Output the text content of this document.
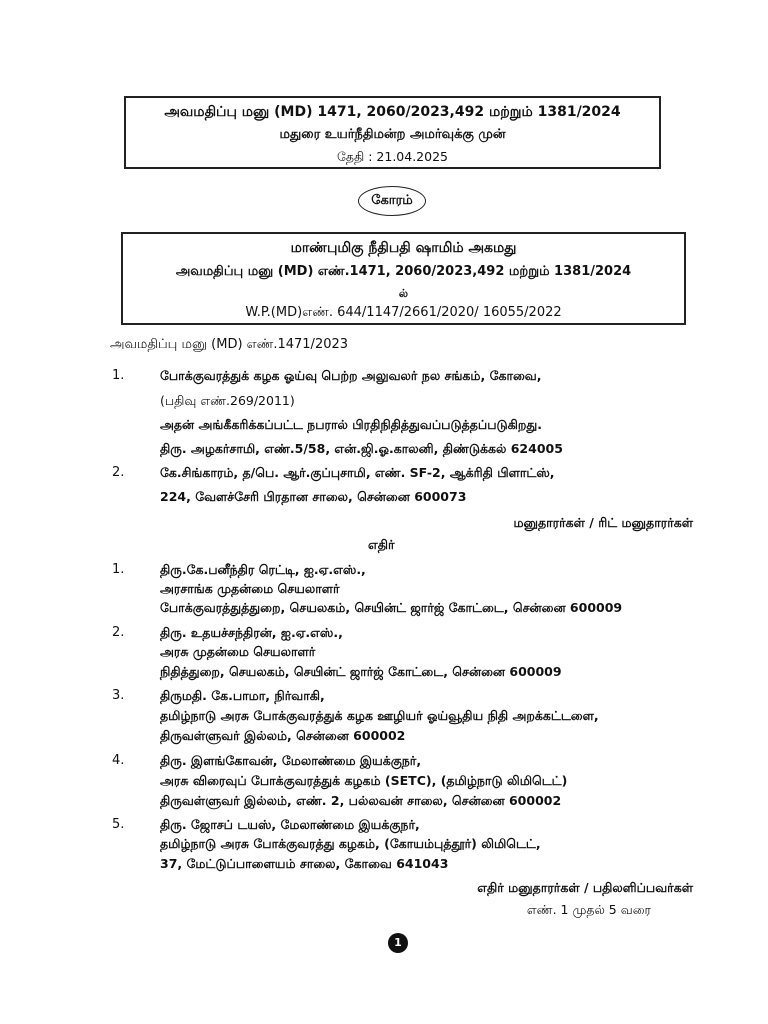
அவமதிப்பு மனு (MD) 1471, 2060/2023,492 மற்றும் 1381/2024
மதுரை உயர்நீதிமன்ற அமர்வுக்கு முன்
தேதி : 21.04.2025
கோரம்
மாண்புமிகு நீதிபதி ஷாமிம் அகமது
அவமதிப்பு மனு (MD) எண்.1471, 2060/2023,492 மற்றும் 1381/2024
ல்
W.P.(MD)எண். 644/1147/2661/2020/ 16055/2022
அவமதிப்பு மனு (MD) எண்.1471/2023
1.	போக்குவரத்துக் கழக ஓய்வு பெற்ற அலுவலர் நல சங்கம், கோவை,
(பதிவு எண்.269/2011)
அதன் அங்கீகரிக்கப்பட்ட நபரால் பிரதிநிதித்துவப்படுத்தப்படுகிறது.
திரு. அழகர்சாமி, எண்.5/58, என்.ஜி.ஓ.காலனி, திண்டுக்கல் 624005
2.	கே.சிங்காரம், த/பெ. ஆர்.குப்புசாமி, எண். SF-2, ஆக்ரிதி பிளாட்ஸ்,
224, வேளச்சேரி பிரதான சாலை, சென்னை 600073
மனுதாரர்கள் / ரிட் மனுதாரர்கள்
எதிர்
1.	திரு.கே.பனீந்திர ரெட்டி, ஐ.ஏ.எஸ்.,
அரசாங்க முதன்மை செயலாளர்
போக்குவரத்துத்துறை, செயலகம், செயின்ட் ஜார்ஜ் கோட்டை, சென்னை 600009
2.	திரு. உதயச்சந்திரன், ஐ.ஏ.எஸ்.,
அரசு முதன்மை செயலாளர்
நிதித்துறை, செயலகம், செயின்ட் ஜார்ஜ் கோட்டை, சென்னை 600009
3.	திருமதி. கே.பாமா, நிர்வாகி,
தமிழ்நாடு அரசு போக்குவரத்துக் கழக ஊழியர் ஓய்வூதிய நிதி அறக்கட்டளை,
திருவள்ளுவர் இல்லம், சென்னை 600002
4.	திரு. இளங்கோவன், மேலாண்மை இயக்குநர்,
அரசு விரைவுப் போக்குவரத்துக் கழகம் (SETC), (தமிழ்நாடு லிமிடெட்)
திருவள்ளுவர் இல்லம், எண். 2, பல்லவன் சாலை, சென்னை 600002
5.	திரு. ஜோசப் டயஸ், மேலாண்மை இயக்குநர்,
தமிழ்நாடு அரசு போக்குவரத்து கழகம், (கோயம்புத்தூர்) லிமிடெட்,
37, மேட்டுப்பாளையம் சாலை, கோவை 641043
எதிர் மனுதாரர்கள் / பதிலளிப்பவர்கள்
எண். 1 முதல் 5 வரை
1
